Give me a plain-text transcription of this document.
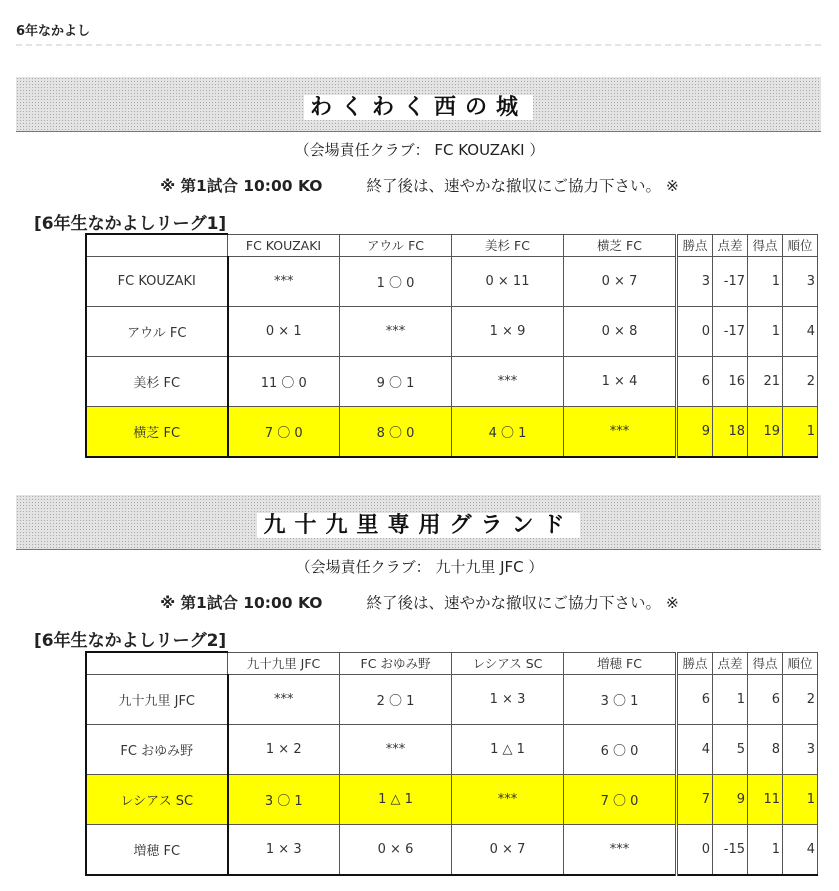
6年なかよし
わくわく西の城
（会場責任クラブ： FC KOUZAKI ）
※ 第1試合 10:00 KO	終了後は、速やかな撤収にご協力下さい。 ※
[6年生なかよしリーグ1]
	FC KOUZAKI	アウル FC	美杉 FC	横芝 FC	勝点	点差	得点	順位
FC KOUZAKI	***	1 〇 0	0 × 11	0 × 7	3	-17	1	3
アウル FC	0 × 1	***	1 × 9	0 × 8	0	-17	1	4
美杉 FC	11 〇 0	9 〇 1	***	1 × 4	6	16	21	2
横芝 FC	7 〇 0	8 〇 0	4 〇 1	***	9	18	19	1
九十九里専用グランド
（会場責任クラブ： 九十九里 JFC ）
※ 第1試合 10:00 KO	終了後は、速やかな撤収にご協力下さい。 ※
[6年生なかよしリーグ2]
	九十九里 JFC	FC おゆみ野	レシアス SC	増穂 FC	勝点	点差	得点	順位
九十九里 JFC	***	2 〇 1	1 × 3	3 〇 1	6	1	6	2
FC おゆみ野	1 × 2	***	1 △ 1	6 〇 0	4	5	8	3
レシアス SC	3 〇 1	1 △ 1	***	7 〇 0	7	9	11	1
増穂 FC	1 × 3	0 × 6	0 × 7	***	0	-15	1	4
